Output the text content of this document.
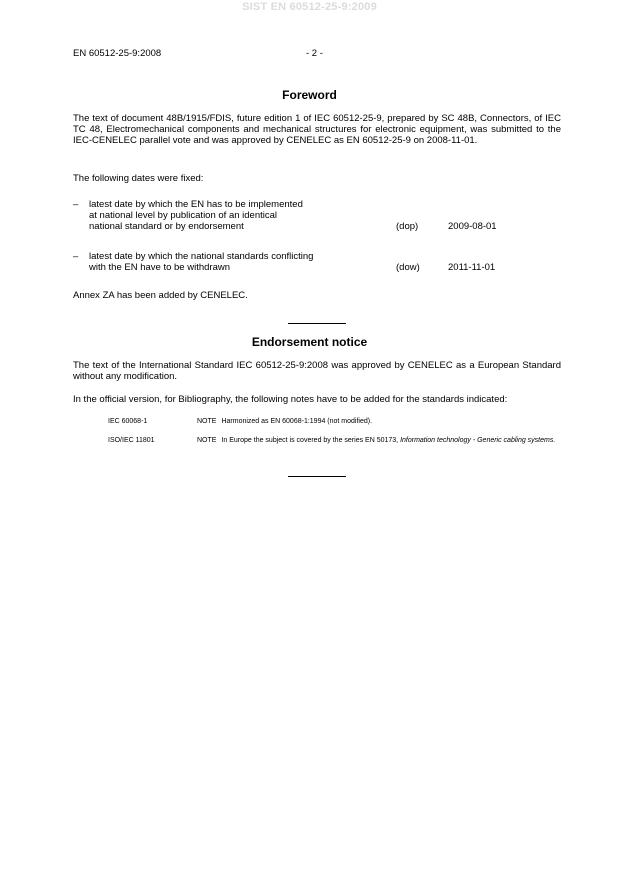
SIST EN 60512-25-9:2009
EN 60512-25-9:2008	- 2 -
Foreword
The text of document 48B/1915/FDIS, future edition 1 of IEC 60512-25-9, prepared by SC 48B, Connectors, of IEC TC 48, Electromechanical components and mechanical structures for electronic equipment, was submitted to the IEC-CENELEC parallel vote and was approved by CENELEC as EN 60512-25-9 on 2008-11-01.
The following dates were fixed:
– latest date by which the EN has to be implemented
at national level by publication of an identical
national standard or by endorsement	(dop)	2009-08-01
– latest date by which the national standards conflicting
with the EN have to be withdrawn	(dow)	2011-11-01
Annex ZA has been added by CENELEC.
Endorsement notice
The text of the International Standard IEC 60512-25-9:2008 was approved by CENELEC as a European Standard without any modification.
In the official version, for Bibliography, the following notes have to be added for the standards indicated:
IEC 60068-1	NOTE Harmonized as EN 60068-1:1994 (not modified).
ISO/IEC 11801	NOTE In Europe the subject is covered by the series EN 50173, Information technology - Generic cabling systems.
